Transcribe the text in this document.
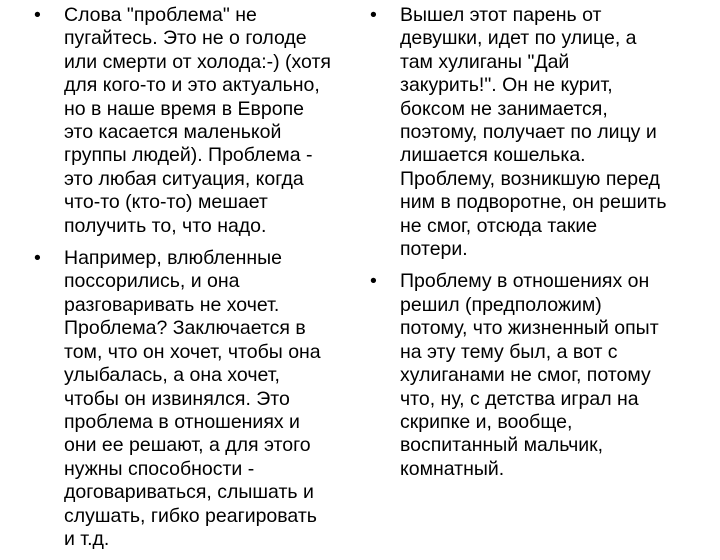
• Слова "проблема" не
пугайтесь. Это не о голоде
или смерти от холода:-) (хотя
для кого-то и это актуально,
но в наше время в Европе
это касается маленькой
группы людей). Проблема -
это любая ситуация, когда
что-то (кто-то) мешает
получить то, что надо.
• Например, влюбленные
поссорились, и она
разговаривать не хочет.
Проблема? Заключается в
том, что он хочет, чтобы она
улыбалась, а она хочет,
чтобы он извинялся. Это
проблема в отношениях и
они ее решают, а для этого
нужны способности -
договариваться, слышать и
слушать, гибко реагировать
и т.д.
• Вышел этот парень от
девушки, идет по улице, а
там хулиганы "Дай
закурить!". Он не курит,
боксом не занимается,
поэтому, получает по лицу и
лишается кошелька.
Проблему, возникшую перед
ним в подворотне, он решить
не смог, отсюда такие
потери.
• Проблему в отношениях он
решил (предположим)
потому, что жизненный опыт
на эту тему был, а вот с
хулиганами не смог, потому
что, ну, с детства играл на
скрипке и, вообще,
воспитанный мальчик,
комнатный.
